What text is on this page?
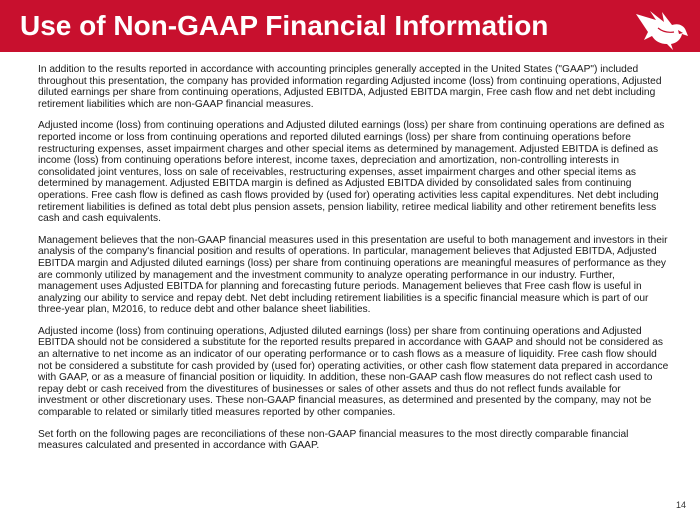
Use of Non-GAAP Financial Information

In addition to the results reported in accordance with accounting principles generally accepted in the United States ("GAAP") included throughout this presentation, the company has provided information regarding Adjusted income (loss) from continuing operations, Adjusted diluted earnings per share from continuing operations, Adjusted EBITDA, Adjusted EBITDA margin, Free cash flow and net debt including retirement liabilities which are non-GAAP financial measures.

Adjusted income (loss) from continuing operations and Adjusted diluted earnings (loss) per share from continuing operations are defined as reported income or loss from continuing operations and reported diluted earnings (loss) per share from continuing operations before restructuring expenses, asset impairment charges and other special items as determined by management. Adjusted EBITDA is defined as income (loss) from continuing operations before interest, income taxes, depreciation and amortization, non-controlling interests in consolidated joint ventures, loss on sale of receivables, restructuring expenses, asset impairment charges and other special items as determined by management. Adjusted EBITDA margin is defined as Adjusted EBITDA divided by consolidated sales from continuing operations. Free cash flow is defined as cash flows provided by (used for) operating activities less capital expenditures. Net debt including retirement liabilities is defined as total debt plus pension assets, pension liability, retiree medical liability and other retirement benefits less cash and cash equivalents.

Management believes that the non-GAAP financial measures used in this presentation are useful to both management and investors in their analysis of the company's financial position and results of operations. In particular, management believes that Adjusted EBITDA, Adjusted EBITDA margin and Adjusted diluted earnings (loss) per share from continuing operations are meaningful measures of performance as they are commonly utilized by management and the investment community to analyze operating performance in our industry. Further, management uses Adjusted EBITDA for planning and forecasting future periods. Management believes that Free cash flow is useful in analyzing our ability to service and repay debt. Net debt including retirement liabilities is a specific financial measure which is part of our three-year plan, M2016, to reduce debt and other balance sheet liabilities.

Adjusted income (loss) from continuing operations, Adjusted diluted earnings (loss) per share from continuing operations and Adjusted EBITDA should not be considered a substitute for the reported results prepared in accordance with GAAP and should not be considered as an alternative to net income as an indicator of our operating performance or to cash flows as a measure of liquidity. Free cash flow should not be considered a substitute for cash provided by (used for) operating activities, or other cash flow statement data prepared in accordance with GAAP, or as a measure of financial position or liquidity. In addition, these non-GAAP cash flow measures do not reflect cash used to repay debt or cash received from the divestitures of businesses or sales of other assets and thus do not reflect funds available for investment or other discretionary uses. These non-GAAP financial measures, as determined and presented by the company, may not be comparable to related or similarly titled measures reported by other companies.

Set forth on the following pages are reconciliations of these non-GAAP financial measures to the most directly comparable financial measures calculated and presented in accordance with GAAP.

14
